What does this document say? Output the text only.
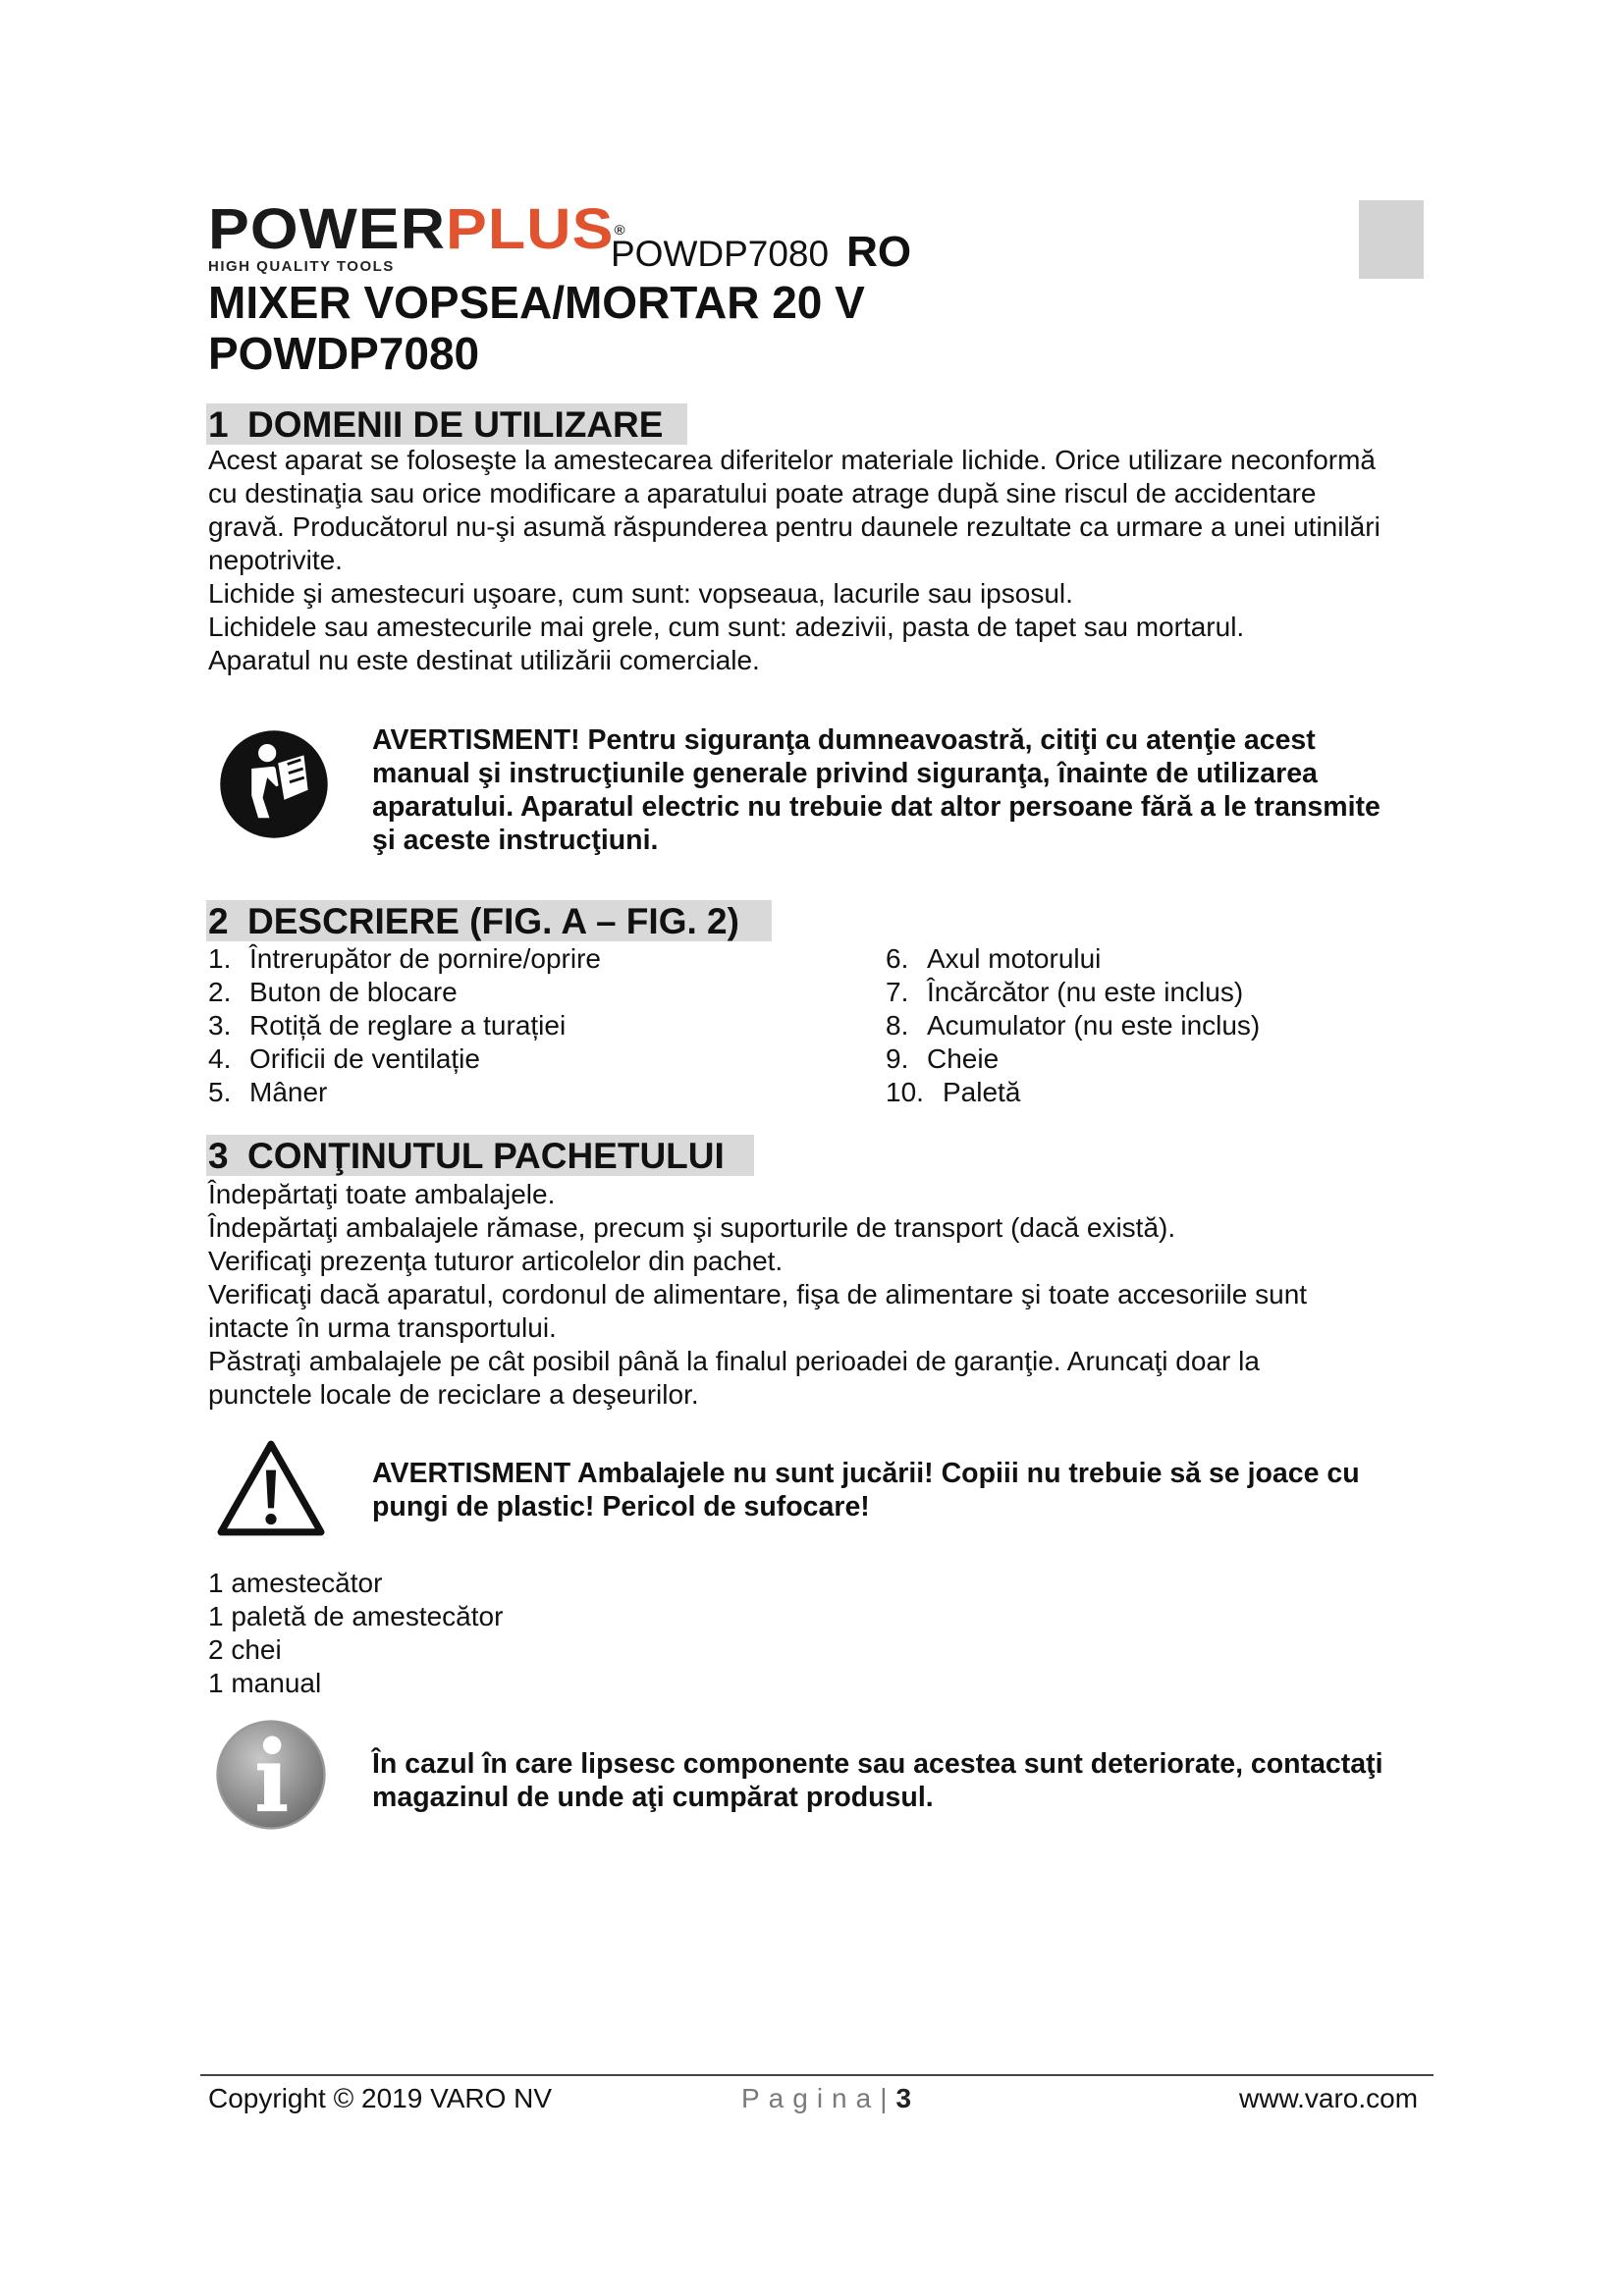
POWERPLUS®
HIGH QUALITY TOOLS	POWDP7080 RO
MIXER VOPSEA/MORTAR 20 V
POWDP7080
1 DOMENII DE UTILIZARE

Acest aparat se foloseşte la amestecarea diferitelor materiale lichide. Orice utilizare neconformă

cu destinaţia sau orice modificare a aparatului poate atrage după sine riscul de accidentare

gravă. Producătorul nu-şi asumă răspunderea pentru daunele rezultate ca urmare a unei utinilări

nepotrivite.

Lichide şi amestecuri uşoare, cum sunt: vopseaua, lacurile sau ipsosul.

Lichidele sau amestecurile mai grele, cum sunt: adezivii, pasta de tapet sau mortarul.

Aparatul nu este destinat utilizării comerciale.

AVERTISMENT! Pentru siguranţa dumneavoastră, citiţi cu atenţie acest
manual şi instrucţiunile generale privind siguranţa, înainte de utilizarea
aparatului. Aparatul electric nu trebuie dat altor persoane fără a le transmite
şi aceste instrucţiuni.
2 DESCRIERE (FIG. A – FIG. 2)
1. Întrerupător de pornire/oprire
2. Buton de blocare
3. Rotiță de reglare a turației
4. Orificii de ventilație
5. Mâner
6. Axul motorului
7. Încărcător (nu este inclus)
8. Acumulator (nu este inclus)
9. Cheie
10. Paletă
3 CONŢINUTUL PACHETULUI

Îndepărtaţi toate ambalajele.

Îndepărtaţi ambalajele rămase, precum şi suporturile de transport (dacă există).

Verificaţi prezenţa tuturor articolelor din pachet.

Verificaţi dacă aparatul, cordonul de alimentare, fişa de alimentare şi toate accesoriile sunt

intacte în urma transportului.

Păstraţi ambalajele pe cât posibil până la finalul perioadei de garanţie. Aruncaţi doar la

punctele locale de reciclare a deşeurilor.

AVERTISMENT Ambalajele nu sunt jucării! Copiii nu trebuie să se joace cu
pungi de plastic! Pericol de sufocare!

1 amestecător

1 paletă de amestecător

2 chei

1 manual

În cazul în care lipsesc componente sau acestea sunt deteriorate, contactaţi
magazinul de unde aţi cumpărat produsul.
Copyright © 2019 VARO NV	Pagina|3	www.varo.com
